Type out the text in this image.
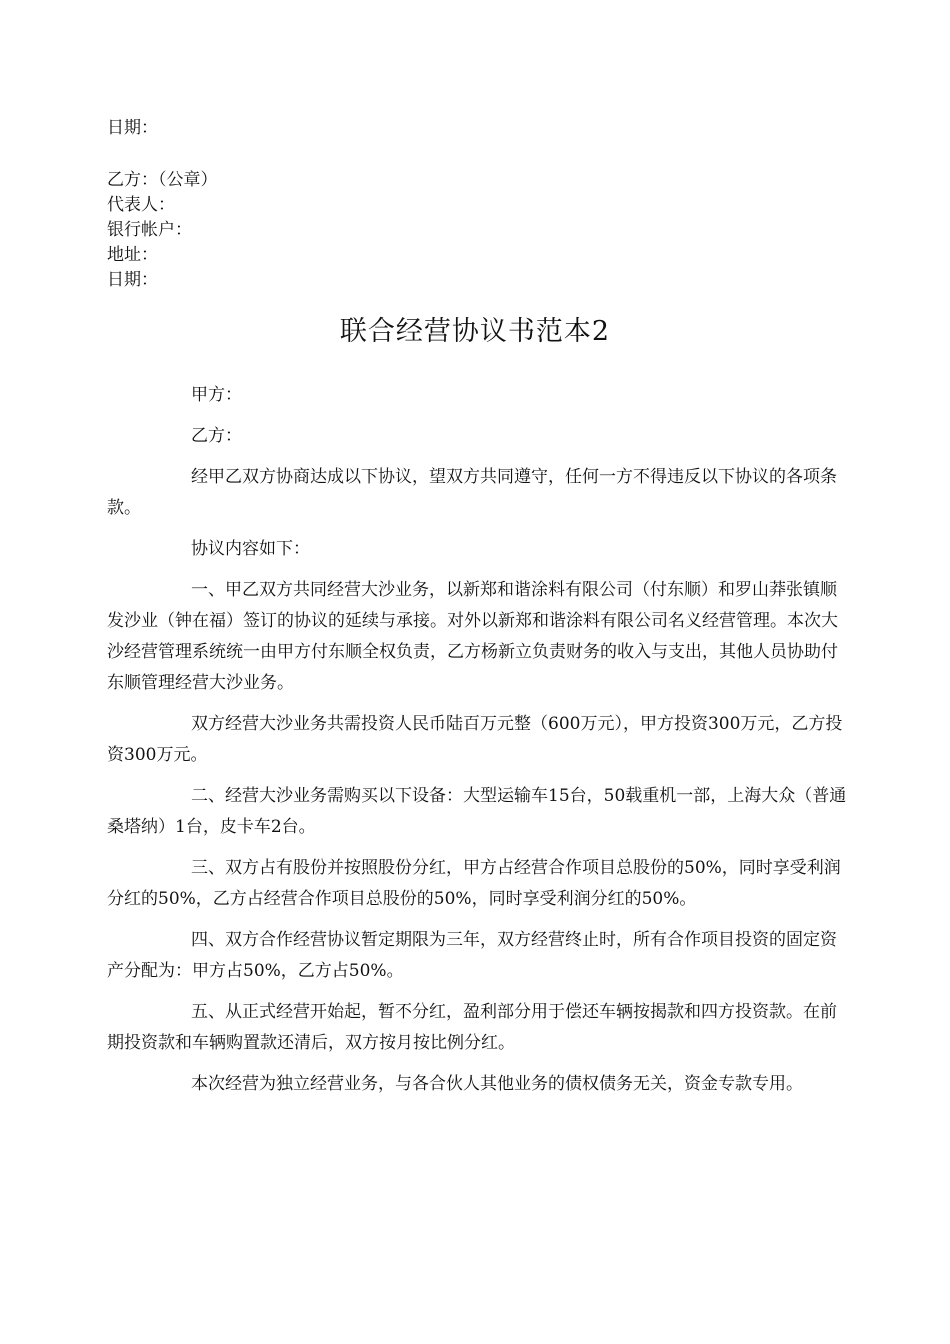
日期：
乙方：（公章）
代表人：
银行帐户：
地址：
日期：
联合经营协议书范本2

甲方：

乙方：

经甲乙双方协商达成以下协议，望双方共同遵守，任何一方不得违反以下协议的各项条款。

协议内容如下：

一、甲乙双方共同经营大沙业务，以新郑和谐涂料有限公司（付东顺）和罗山莽张镇顺发沙业（钟在福）签订的协议的延续与承接。对外以新郑和谐涂料有限公司名义经营管理。本次大沙经营管理系统统一由甲方付东顺全权负责，乙方杨新立负责财务的收入与支出，其他人员协助付东顺管理经营大沙业务。

双方经营大沙业务共需投资人民币陆百万元整（600万元），甲方投资300万元，乙方投资300万元。

二、经营大沙业务需购买以下设备：大型运输车15台，50载重机一部，上海大众（普通桑塔纳）1台，皮卡车2台。

三、双方占有股份并按照股份分红，甲方占经营合作项目总股份的50%，同时享受利润分红的50%，乙方占经营合作项目总股份的50%，同时享受利润分红的50%。

四、双方合作经营协议暂定期限为三年，双方经营终止时，所有合作项目投资的固定资产分配为：甲方占50%，乙方占50%。

五、从正式经营开始起，暂不分红，盈利部分用于偿还车辆按揭款和四方投资款。在前期投资款和车辆购置款还清后，双方按月按比例分红。

本次经营为独立经营业务，与各合伙人其他业务的债权债务无关，资金专款专用。
